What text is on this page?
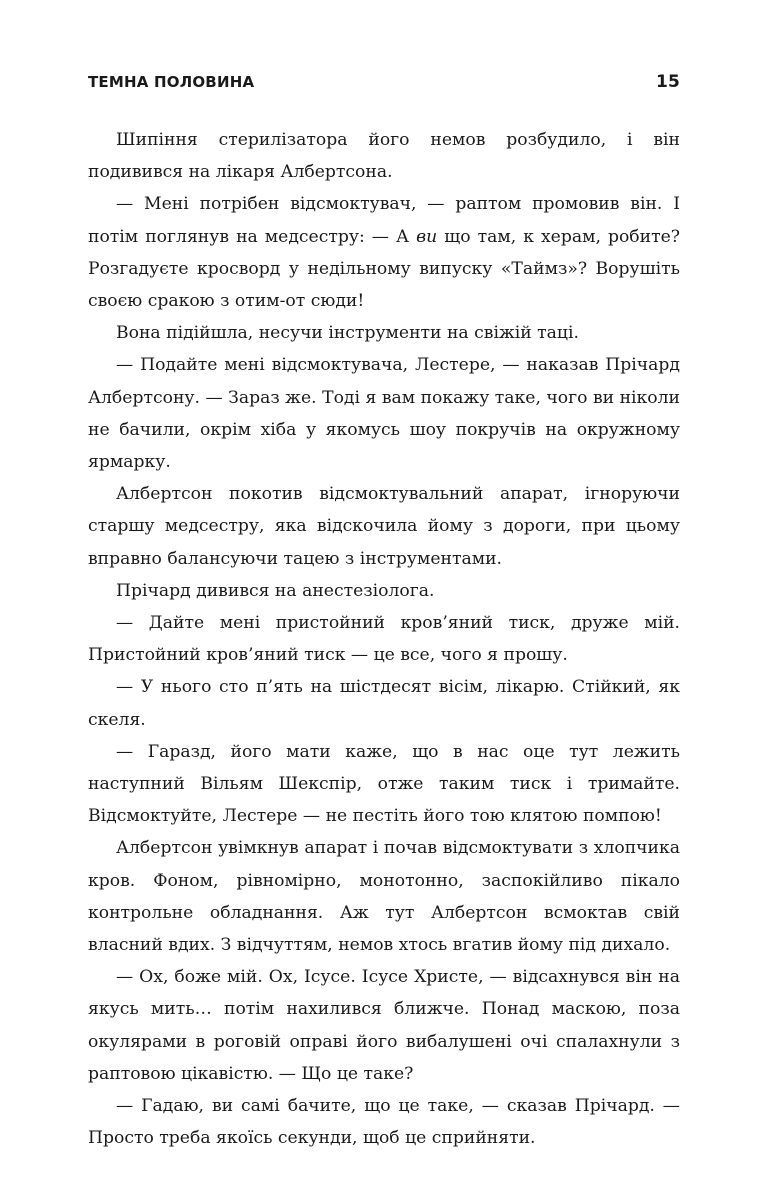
ТЕМНА ПОЛОВИНА	15

Шипіння стерилізатора його немов розбудило, і він подивився на лікаря Албертсона.

— Мені потрібен відсмоктувач, — раптом промовив він. І потім поглянув на медсестру: — А ви що там, к херам, робите? Розгадуєте кросворд у недільному випуску «Таймз»? Ворушіть своєю сракою з отим-от сюди!

Вона підійшла, несучи інструменти на свіжій таці.

— Подайте мені відсмоктувача, Лестере, — наказав Прічард Албертсону. — Зараз же. Тоді я вам покажу таке, чого ви ніколи не бачили, окрім хіба у якомусь шоу покручів на окружному ярмарку.

Албертсон покотив відсмоктувальний апарат, ігноруючи старшу медсестру, яка відскочила йому з дороги, при цьому вправно балансуючи тацею з інструментами.

Прічард дивився на анестезіолога.

— Дайте мені пристойний кров’яний тиск, друже мій. Пристойний кров’яний тиск — це все, чого я прошу.

— У нього сто п’ять на шістдесят вісім, лікарю. Стійкий, як скеля.

— Гаразд, його мати каже, що в нас оце тут лежить наступний Вільям Шекспір, отже таким тиск і тримайте. Відсмоктуйте, Лестере — не пестіть його тою клятою помпою!

Албертсон увімкнув апарат і почав відсмоктувати з хлопчика кров. Фоном, рівномірно, монотонно, заспокійливо пікало контрольне обладнання. Аж тут Албертсон всмоктав свій власний вдих. З відчуттям, немов хтось вгатив йому під дихало.

— Ох, боже мій. Ох, Ісусе. Ісусе Христе, — відсахнувся він на якусь мить… потім нахилився ближче. Понад маскою, поза окулярами в роговій оправі його вибалушені очі спалахнули з раптовою цікавістю. — Що це таке?

— Гадаю, ви самі бачите, що це таке, — сказав Прічард. — Просто треба якоїсь секунди, щоб це сприйняти.
